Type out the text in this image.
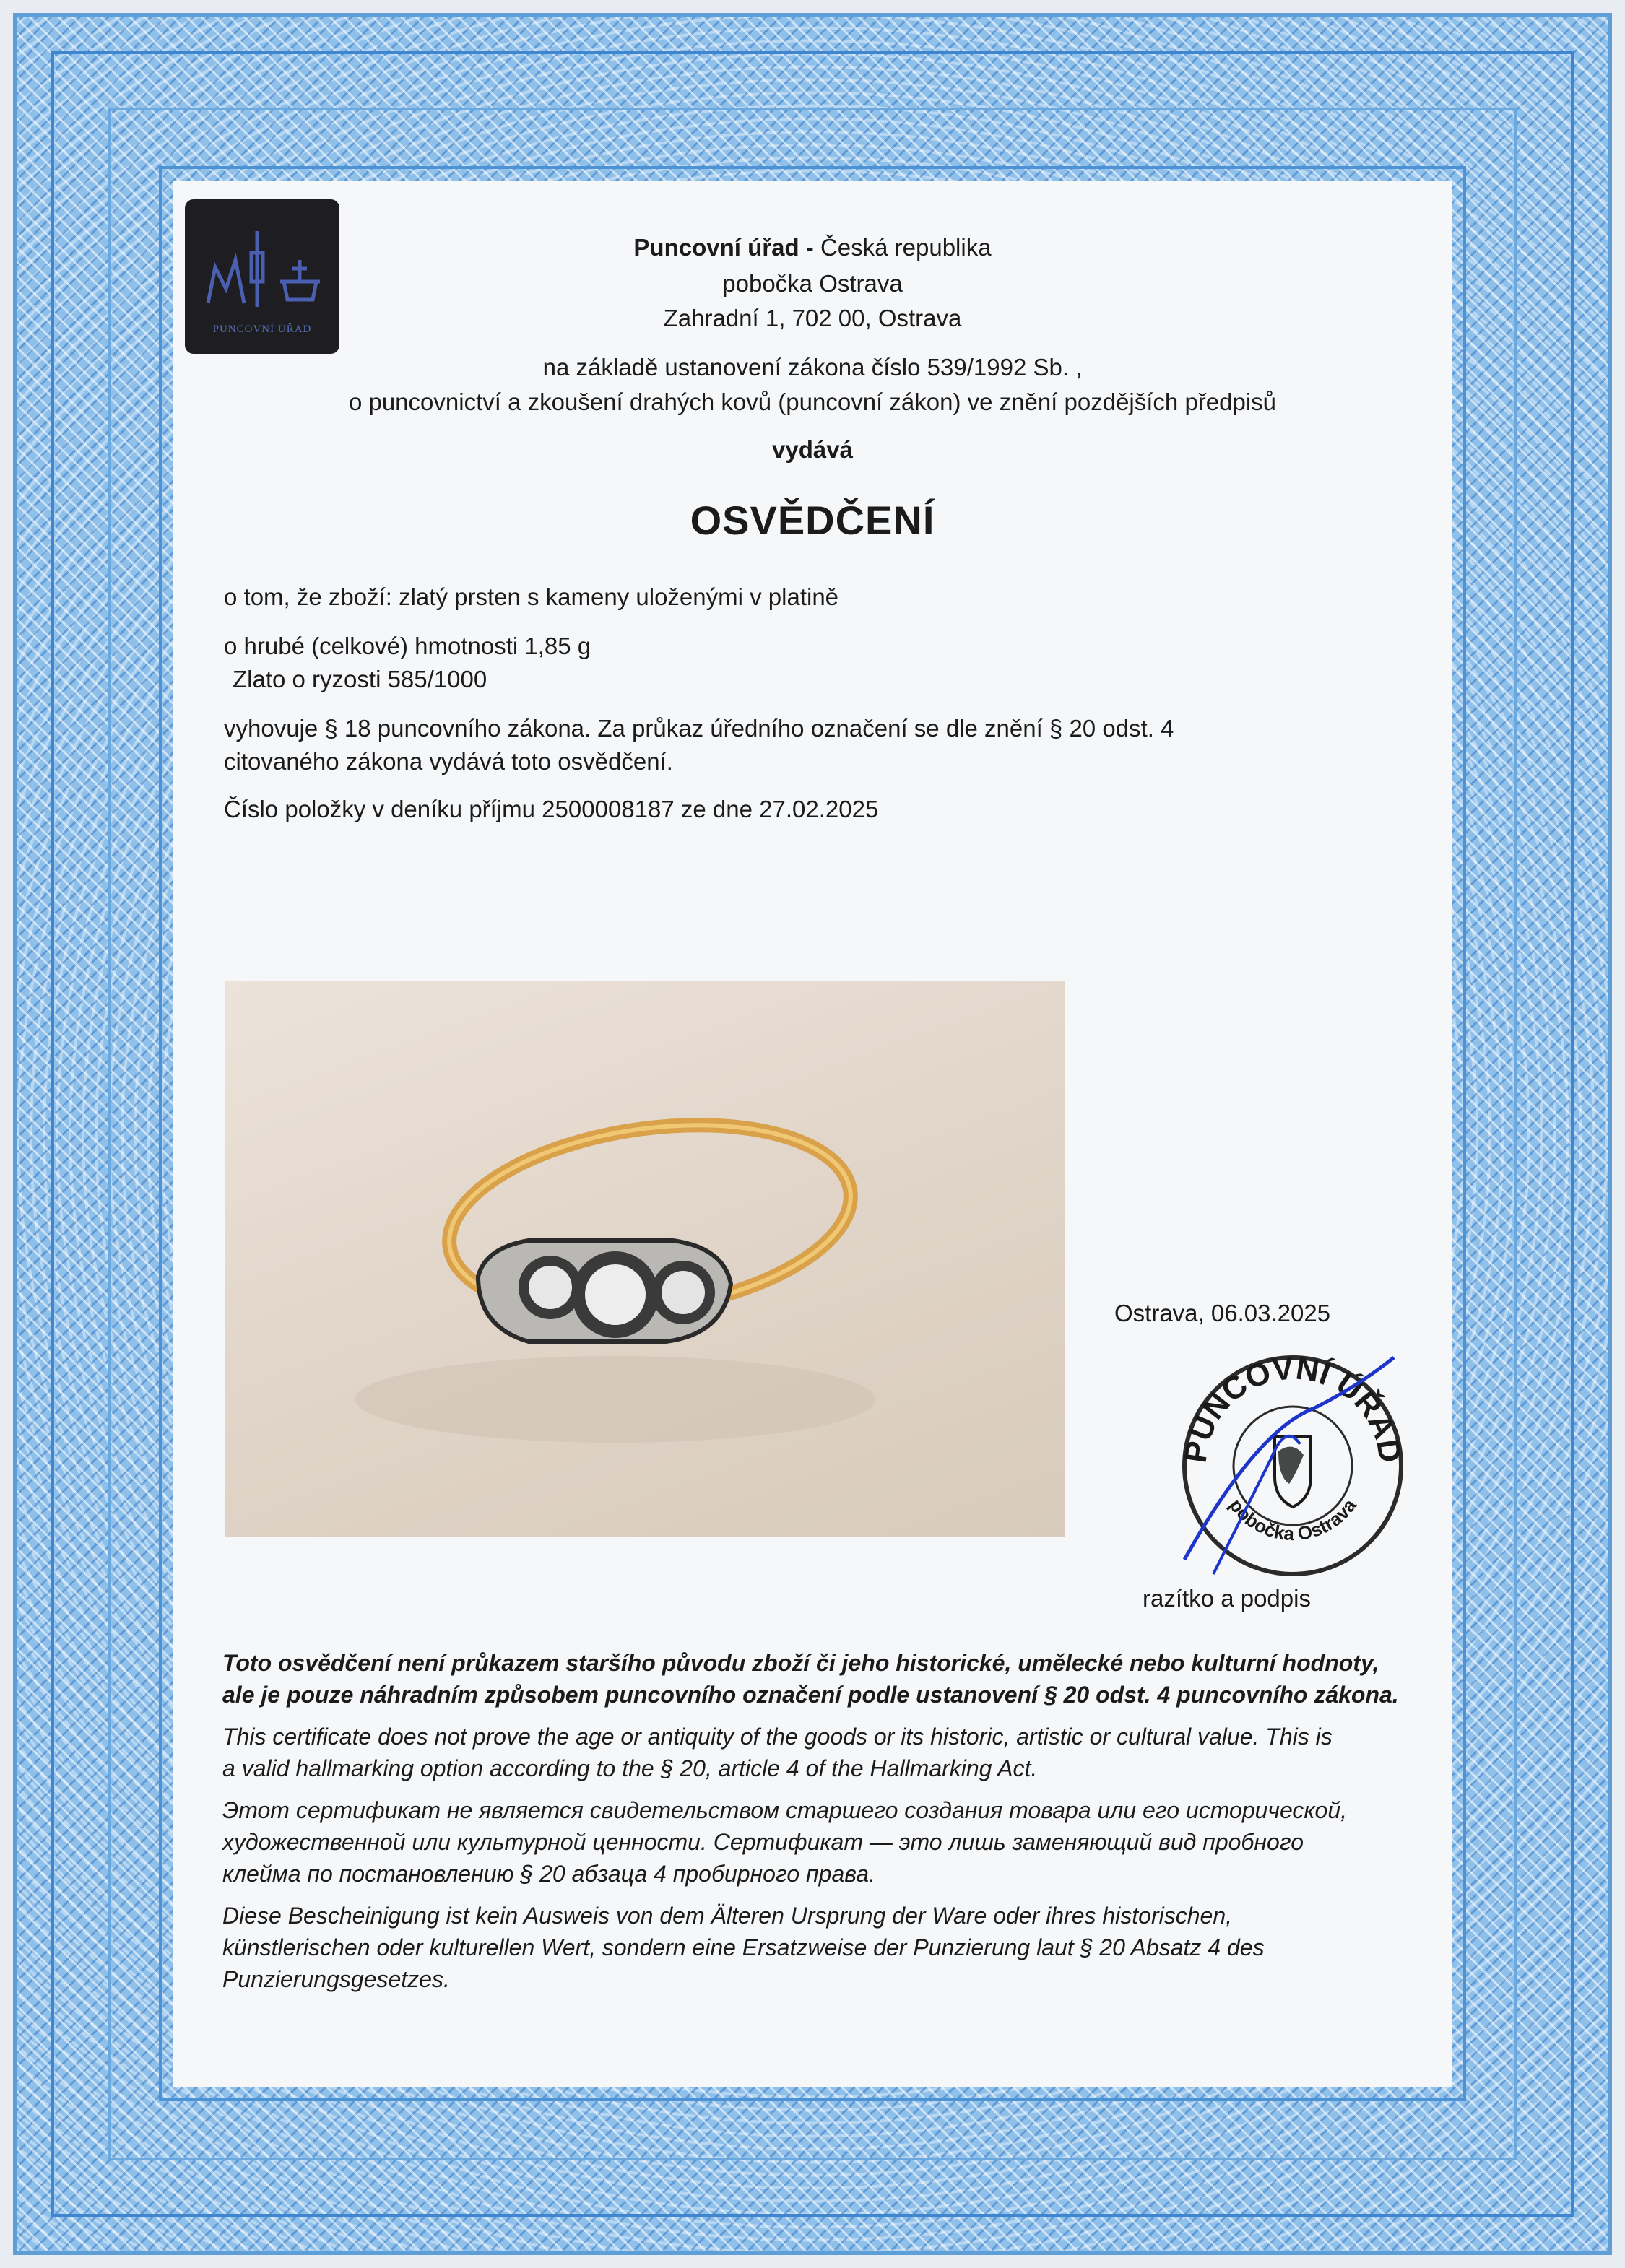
PUNCOVNÍ ÚŘAD
Puncovní úřad - Česká republika
pobočka Ostrava
Zahradní 1, 702 00, Ostrava
na základě ustanovení zákona číslo 539/1992 Sb. ,
o puncovnictví a zkoušení drahých kovů (puncovní zákon) ve znění pozdějších předpisů
vydává
OSVĚDČENÍ
o tom, že zboží: zlatý prsten s kameny uloženými v platině
o hrubé (celkové) hmotnosti 1,85 g
Zlato o ryzosti 585/1000
vyhovuje § 18 puncovního zákona. Za průkaz úředního označení se dle znění § 20 odst. 4
citovaného zákona vydává toto osvědčení.
Číslo položky v deníku příjmu 2500008187 ze dne 27.02.2025
Ostrava, 06.03.2025
PUNCOVNÍ ÚŘAD
pobočka Ostrava
razítko a podpis
Toto osvědčení není průkazem staršího původu zboží či jeho historické, umělecké nebo kulturní hodnoty,
ale je pouze náhradním způsobem puncovního označení podle ustanovení § 20 odst. 4 puncovního zákona.
This certificate does not prove the age or antiquity of the goods or its historic, artistic or cultural value. This is
a valid hallmarking option according to the § 20, article 4 of the Hallmarking Act.
Этот сертификат не является свидетельством старшего создания товара или его исторической,
художественной или культурной ценности. Сертификат — это лишь заменяющий вид пробного
клейма по постановлению § 20 абзаца 4 пробирного права.
Diese Bescheinigung ist kein Ausweis von dem Älteren Ursprung der Ware oder ihres historischen,
künstlerischen oder kulturellen Wert, sondern eine Ersatzweise der Punzierung laut § 20 Absatz 4 des
Punzierungsgesetzes.
